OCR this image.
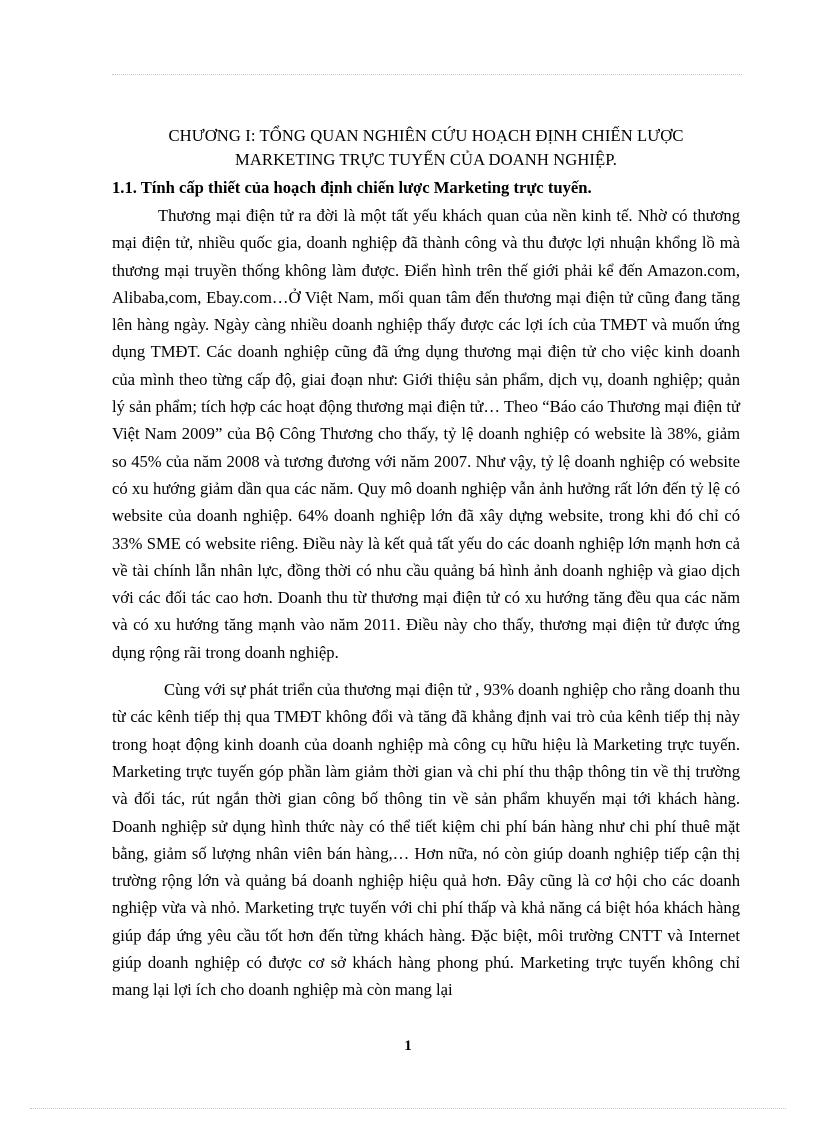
CHƯƠNG I: TỔNG QUAN NGHIÊN CỨU HOẠCH ĐỊNH CHIẾN LƯỢC
MARKETING TRỰC TUYẾN CỦA DOANH NGHIỆP.
1.1. Tính cấp thiết của hoạch định chiến lược Marketing trực tuyến.

Thương mại điện tử ra đời là một tất yếu khách quan của nền kinh tế. Nhờ có thương mại điện tử, nhiều quốc gia, doanh nghiệp đã thành công và thu được lợi nhuận khổng lồ mà thương mại truyền thống không làm được. Điển hình trên thế giới phải kể đến Amazon.com, Alibaba,com, Ebay.com…Ở Việt Nam, mối quan tâm đến thương mại điện tử cũng đang tăng lên hàng ngày. Ngày càng nhiều doanh nghiệp thấy được các lợi ích của TMĐT và muốn ứng dụng TMĐT. Các doanh nghiệp cũng đã ứng dụng thương mại điện tử cho việc kinh doanh của mình theo từng cấp độ, giai đoạn như: Giới thiệu sản phẩm, dịch vụ, doanh nghiệp; quản lý sản phẩm; tích hợp các hoạt động thương mại điện tử… Theo “Báo cáo Thương mại điện tử Việt Nam 2009” của Bộ Công Thương cho thấy, tỷ lệ doanh nghiệp có website là 38%, giảm so 45% của năm 2008 và tương đương với năm 2007. Như vậy, tỷ lệ doanh nghiệp có website có xu hướng giảm dần qua các năm. Quy mô doanh nghiệp vẫn ảnh hưởng rất lớn đến tỷ lệ có website của doanh nghiệp. 64% doanh nghiệp lớn đã xây dựng website, trong khi đó chỉ có 33% SME có website riêng. Điều này là kết quả tất yếu do các doanh nghiệp lớn mạnh hơn cả về tài chính lẫn nhân lực, đồng thời có nhu cầu quảng bá hình ảnh doanh nghiệp và giao dịch với các đối tác cao hơn. Doanh thu từ thương mại điện tử có xu hướng tăng đều qua các năm và có xu hướng tăng mạnh vào năm 2011. Điều này cho thấy, thương mại điện tử được ứng dụng rộng rãi trong doanh nghiệp.

Cùng với sự phát triển của thương mại điện tử , 93% doanh nghiệp cho rằng doanh thu từ các kênh tiếp thị qua TMĐT không đổi và tăng đã khẳng định vai trò của kênh tiếp thị này trong hoạt động kinh doanh của doanh nghiệp mà công cụ hữu hiệu là Marketing trực tuyến. Marketing trực tuyến góp phần làm giảm thời gian và chi phí thu thập thông tin về thị trường và đối tác, rút ngắn thời gian công bố thông tin về sản phẩm khuyến mại tới khách hàng. Doanh nghiệp sử dụng hình thức này có thể tiết kiệm chi phí bán hàng như chi phí thuê mặt bằng, giảm số lượng nhân viên bán hàng,… Hơn nữa, nó còn giúp doanh nghiệp tiếp cận thị trường rộng lớn và quảng bá doanh nghiệp hiệu quả hơn. Đây cũng là cơ hội cho các doanh nghiệp vừa và nhỏ. Marketing trực tuyến với chi phí thấp và khả năng cá biệt hóa khách hàng giúp đáp ứng yêu cầu tốt hơn đến từng khách hàng. Đặc biệt, môi trường CNTT và Internet giúp doanh nghiệp có được cơ sở khách hàng phong phú. Marketing trực tuyến không chỉ mang lại lợi ích cho doanh nghiệp mà còn mang lại

1
